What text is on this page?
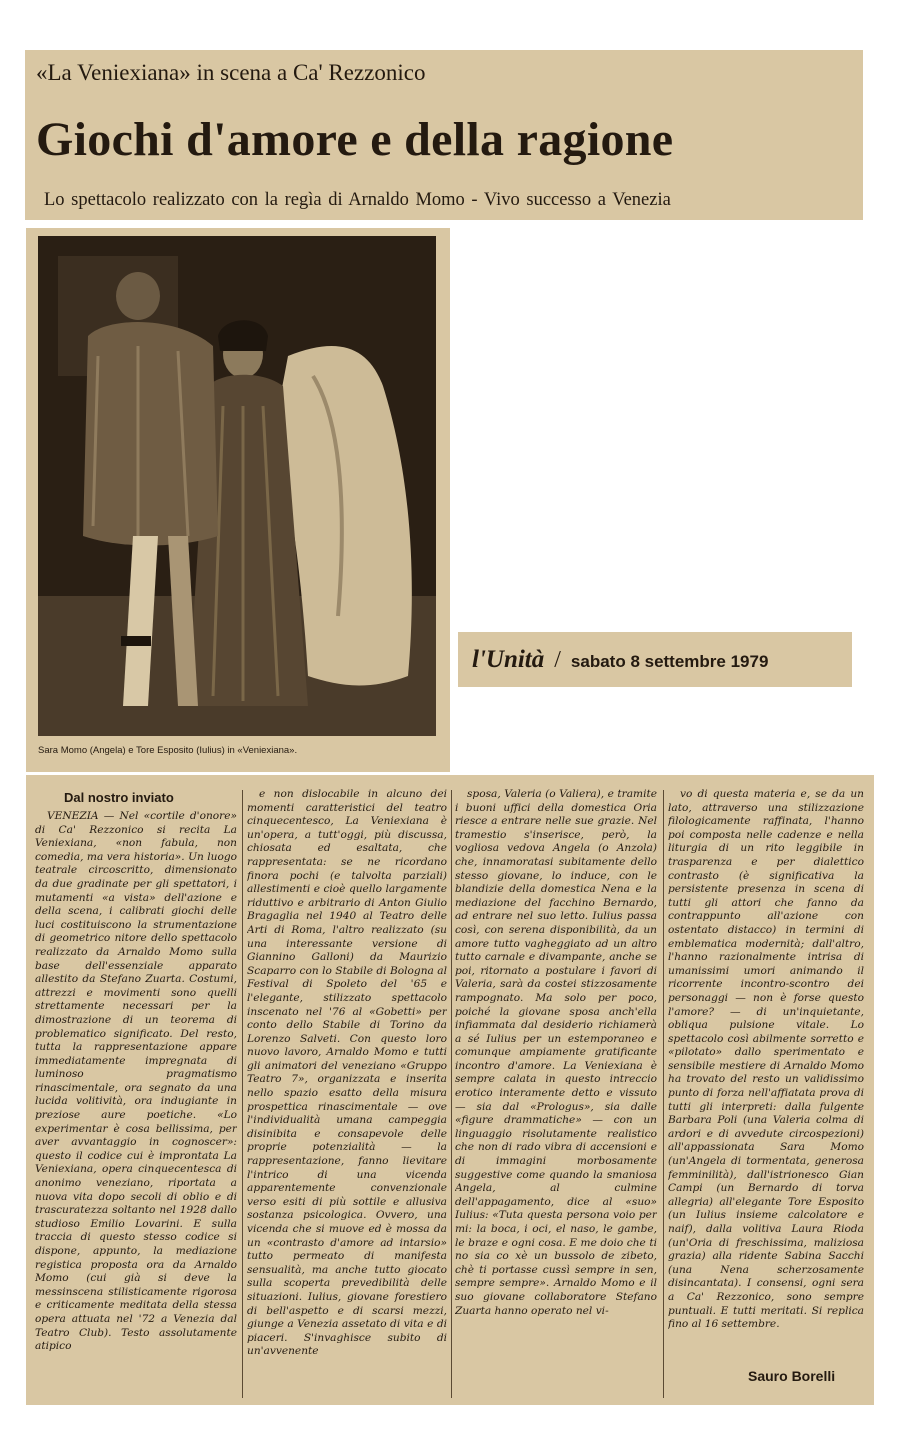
«La Veniexiana» in scena a Ca' Rezzonico
Giochi d'amore e della ragione
Lo spettacolo realizzato con la regìa di Arnaldo Momo - Vivo successo a Venezia
Sara Momo (Angela) e Tore Esposito (Iulius) in «Veniexiana».
l'Unità / sabato 8 settembre 1979
Dal nostro inviato

VENEZIA — Nel «cortile d'onore» di Ca' Rezzonico si recita La Veniexiana, «non fabula, non comedia, ma vera historia». Un luogo teatrale circoscritto, dimensionato da due gradinate per gli spettatori, i mutamenti «a vista» dell'azione e della scena, i calibrati giochi delle luci costituiscono la strumentazione di geometrico nitore dello spettacolo realizzato da Arnaldo Momo sulla base dell'essenziale apparato allestito da Stefano Zuarta. Costumi, attrezzi e movimenti sono quelli strettamente necessari per la dimostrazione di un teorema di problematico significato. Del resto, tutta la rappresentazione appare immediatamente impregnata di luminoso pragmatismo rinascimentale, ora segnato da una lucida volitività, ora indugiante in preziose aure poetiche. «Lo experimentar è cosa bellissima, per aver avvantaggio in cognoscer»: questo il codice cui è improntata La Veniexiana, opera cinquecentesca di anonimo veneziano, riportata a nuova vita dopo secoli di oblio e di trascuratezza soltanto nel 1928 dallo studioso Emilio Lovarini. E sulla traccia di questo stesso codice si dispone, appunto, la mediazione registica proposta ora da Arnaldo Momo (cui già si deve la messinscena stilisticamente rigorosa e criticamente meditata della stessa opera attuata nel '72 a Venezia dal Teatro Club). Testo assolutamente atipico

e non dislocabile in alcuno dei momenti caratteristici del teatro cinquecentesco, La Veniexiana è un'opera, a tutt'oggi, più discussa, chiosata ed esaltata, che rappresentata: se ne ricordano finora pochi (e talvolta parziali) allestimenti e cioè quello largamente riduttivo e arbitrario di Anton Giulio Bragaglia nel 1940 al Teatro delle Arti di Roma, l'altro realizzato (su una interessante versione di Giannino Galloni) da Maurizio Scaparro con lo Stabile di Bologna al Festival di Spoleto del '65 e l'elegante, stilizzato spettacolo inscenato nel '76 al «Gobetti» per conto dello Stabile di Torino da Lorenzo Salveti. Con questo loro nuovo lavoro, Arnaldo Momo e tutti gli animatori del veneziano «Gruppo Teatro 7», organizzata e inserita nello spazio esatto della misura prospettica rinascimentale — ove l'individualità umana campeggia disinibita e consapevole delle proprie potenzialità — la rappresentazione, fanno lievitare l'intrico di una vicenda apparentemente convenzionale verso esiti di più sottile e allusiva sostanza psicologica. Ovvero, una vicenda che si muove ed è mossa da un «contrasto d'amore ad intarsio» tutto permeato di manifesta sensualità, ma anche tutto giocato sulla scoperta prevedibilità delle situazioni. Iulius, giovane forestiero di bell'aspetto e di scarsi mezzi, giunge a Venezia assetato di vita e di piaceri. S'invaghisce subito di un'avvenente

sposa, Valeria (o Valiera), e tramite i buoni uffici della domestica Oria riesce a entrare nelle sue grazie. Nel tramestio s'inserisce, però, la vogliosa vedova Angela (o Anzola) che, innamoratasi subitamente dello stesso giovane, lo induce, con le blandizie della domestica Nena e la mediazione del facchino Bernardo, ad entrare nel suo letto. Iulius passa così, con serena disponibilità, da un amore tutto vagheggiato ad un altro tutto carnale e divampante, anche se poi, ritornato a postulare i favori di Valeria, sarà da costei stizzosamente rampognato. Ma solo per poco, poiché la giovane sposa anch'ella infiammata dal desiderio richiamerà a sé Iulius per un estemporaneo e comunque ampiamente gratificante incontro d'amore. La Veniexiana è sempre calata in questo intreccio erotico interamente detto e vissuto — sia dal «Prologus», sia dalle «figure drammatiche» — con un linguaggio risolutamente realistico che non di rado vibra di accensioni e di immagini morbosamente suggestive come quando la smaniosa Angela, al culmine dell'appagamento, dice al «suo» Iulius: «Tuta questa persona voio per mi: la boca, i oci, el naso, le gambe, le braze e ogni cosa. E me doio che ti no sia co xè un bussolo de zibeto, chè ti portasse cussì sempre in sen, sempre sempre». Arnaldo Momo e il suo giovane collaboratore Stefano Zuarta hanno operato nel vi-

vo di questa materia e, se da un lato, attraverso una stilizzazione filologicamente raffinata, l'hanno poi composta nelle cadenze e nella liturgia di un rito leggibile in trasparenza e per dialettico contrasto (è significativa la persistente presenza in scena di tutti gli attori che fanno da contrappunto all'azione con ostentato distacco) in termini di emblematica modernità; dall'altro, l'hanno razionalmente intrisa di umanissimi umori animando il ricorrente incontro-scontro dei personaggi — non è forse questo l'amore? — di un'inquietante, obliqua pulsione vitale. Lo spettacolo così abilmente sorretto e «pilotato» dallo sperimentato e sensibile mestiere di Arnaldo Momo ha trovato del resto un validissimo punto di forza nell'affiatata prova di tutti gli interpreti: dalla fulgente Barbara Poli (una Valeria colma di ardori e di avvedute circospezioni) all'appassionata Sara Momo (un'Angela di tormentata, generosa femminilità), dall'istrionesco Gian Campi (un Bernardo di torva allegria) all'elegante Tore Esposito (un Iulius insieme calcolatore e naif), dalla volitiva Laura Rioda (un'Oria di freschissima, maliziosa grazia) alla ridente Sabina Sacchi (una Nena scherzosamente disincantata). I consensi, ogni sera a Ca' Rezzonico, sono sempre puntuali. E tutti meritati. Si replica fino al 16 settembre.

Sauro Borelli
